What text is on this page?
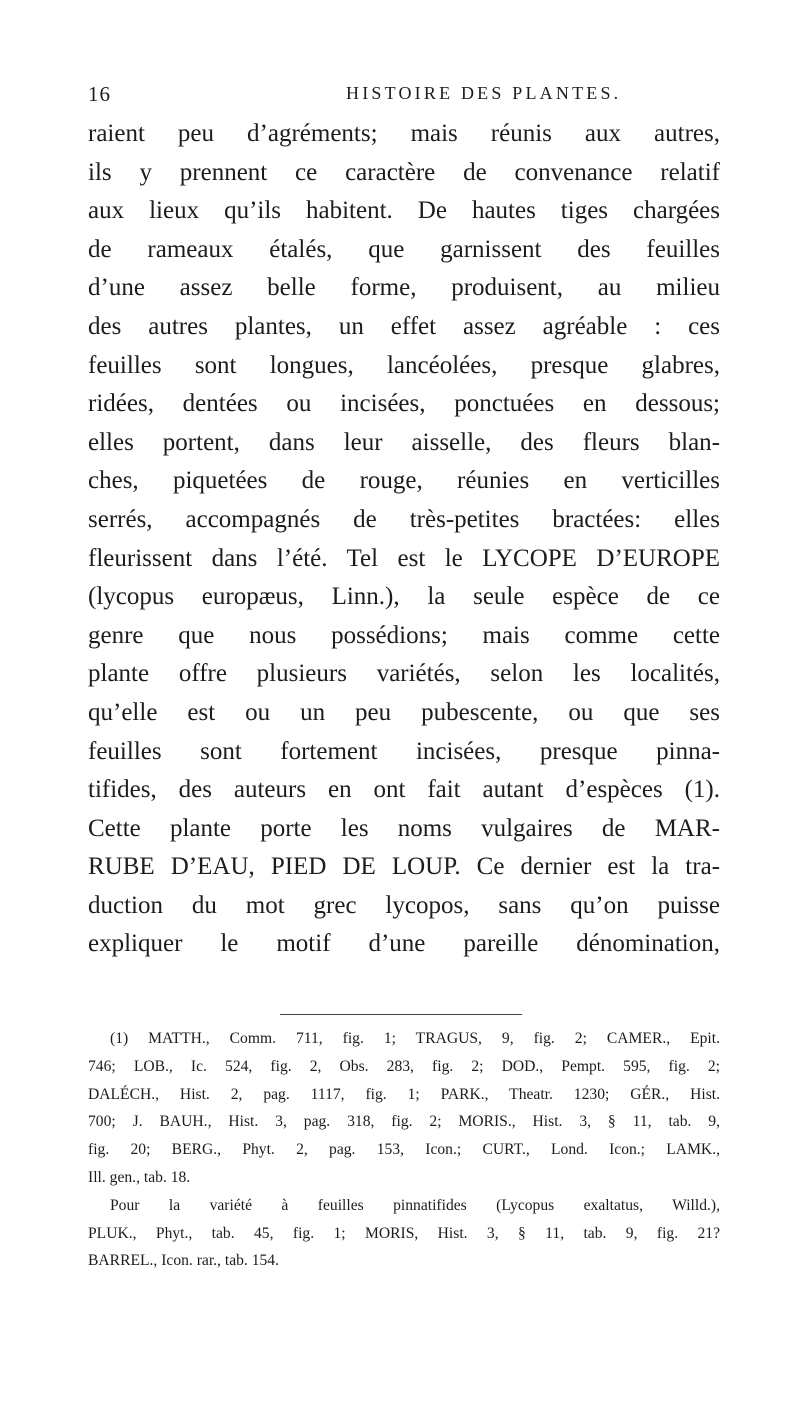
16	HISTOIRE DES PLANTES.
raient peu d’agréments; mais réunis aux autres,
ils y prennent ce caractère de convenance relatif
aux lieux qu’ils habitent. De hautes tiges chargées
de rameaux étalés, que garnissent des feuilles
d’une assez belle forme, produisent, au milieu
des autres plantes, un effet assez agréable : ces
feuilles sont longues, lancéolées, presque glabres,
ridées, dentées ou incisées, ponctuées en dessous;
elles portent, dans leur aisselle, des fleurs blan-
ches, piquetées de rouge, réunies en verticilles
serrés, accompagnés de très-petites bractées: elles
fleurissent dans l’été. Tel est le LYCOPE D’EUROPE
(lycopus europæus, Linn.), la seule espèce de ce
genre que nous possédions; mais comme cette
plante offre plusieurs variétés, selon les localités,
qu’elle est ou un peu pubescente, ou que ses
feuilles sont fortement incisées, presque pinna-
tifides, des auteurs en ont fait autant d’espèces (1).
Cette plante porte les noms vulgaires de MAR-
RUBE D’EAU, PIED DE LOUP. Ce dernier est la tra-
duction du mot grec lycopos, sans qu’on puisse
expliquer le motif d’une pareille dénomination,
(1) MATTH., Comm. 711, fig. 1; TRAGUS, 9, fig. 2; CAMER., Epit.
746; LOB., Ic. 524, fig. 2, Obs. 283, fig. 2; DOD., Pempt. 595, fig. 2;
DALÉCH., Hist. 2, pag. 1117, fig. 1; PARK., Theatr. 1230; GÉR., Hist.
700; J. BAUH., Hist. 3, pag. 318, fig. 2; MORIS., Hist. 3, § 11, tab. 9,
fig. 20; BERG., Phyt. 2, pag. 153, Icon.; CURT., Lond. Icon.; LAMK.,
Ill. gen., tab. 18.
Pour la variété à feuilles pinnatifides (Lycopus exaltatus, Willd.),
PLUK., Phyt., tab. 45, fig. 1; MORIS, Hist. 3, § 11, tab. 9, fig. 21?
BARREL., Icon. rar., tab. 154.
